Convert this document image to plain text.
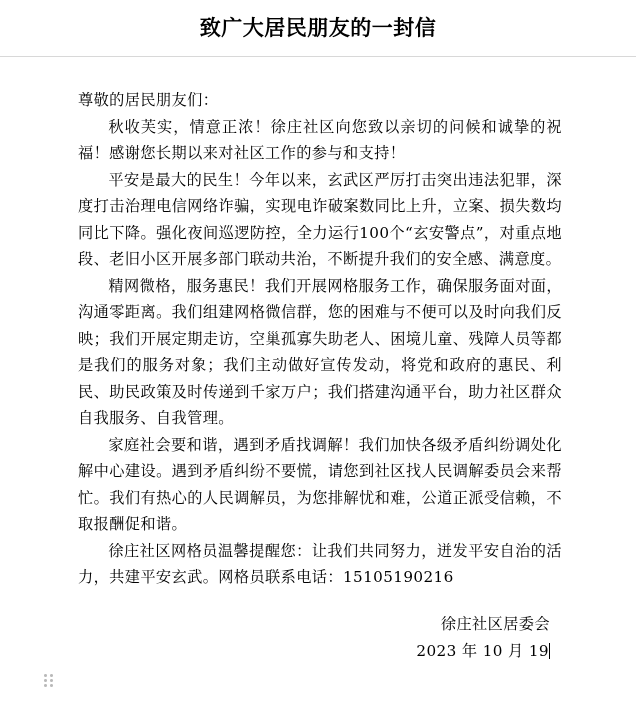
致广大居民朋友的一封信

尊敬的居民朋友们：

秋收芙实，情意正浓！徐庄社区向您致以亲切的问候和诚挚的祝福！感谢您长期以来对社区工作的参与和支持！

平安是最大的民生！今年以来，玄武区严厉打击突出违法犯罪，深度打击治理电信网络诈骗，实现电诈破案数同比上升，立案、损失数均同比下降。强化夜间巡逻防控，全力运行100个“玄安警点”，对重点地段、老旧小区开展多部门联动共治，不断提升我们的安全感、满意度。

精网微格，服务惠民！我们开展网格服务工作，确保服务面对面，沟通零距离。我们组建网格微信群，您的困难与不便可以及时向我们反映；我们开展定期走访，空巢孤寡失助老人、困境儿童、残障人员等都是我们的服务对象；我们主动做好宣传发动，将党和政府的惠民、利民、助民政策及时传递到千家万户；我们搭建沟通平台，助力社区群众自我服务、自我管理。

家庭社会要和谐，遇到矛盾找调解！我们加快各级矛盾纠纷调处化解中心建设。遇到矛盾纠纷不要慌，请您到社区找人民调解委员会来帮忙。我们有热心的人民调解员，为您排解忧和难，公道正派受信赖，不取报酬促和谐。

徐庄社区网格员温馨提醒您：让我们共同努力，迸发平安自治的活力，共建平安玄武。网格员联系电话：15105190216

徐庄社区居委会
2023 年 10 月 19
